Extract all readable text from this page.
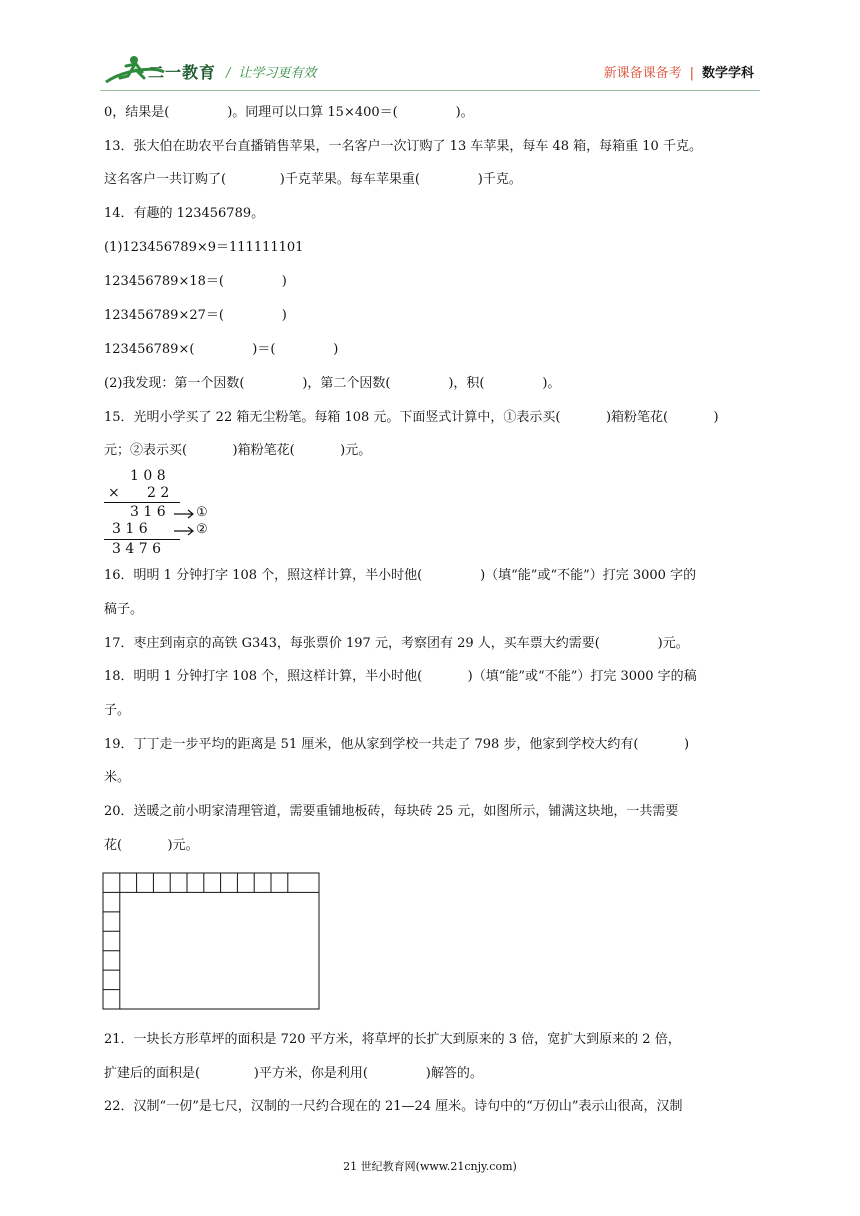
二一教育 / 让学习更有效	新课备课备考 | 数学学科
0，结果是(              )。同理可以口算 15×400＝(              )。
13．张大伯在助农平台直播销售苹果，一名客户一次订购了 13 车苹果，每车 48 箱，每箱重 10 千克。
这名客户一共订购了(             )千克苹果。每车苹果重(              )千克。
14．有趣的 123456789。
(1)123456789×9＝111111101
123456789×18＝(              )
123456789×27＝(              )
123456789×(              )＝(              )
(2)我发现：第一个因数(              )，第二个因数(              )，积(              )。
15．光明小学买了 22 箱无尘粉笔。每箱 108 元。下面竖式计算中，①表示买(           )箱粉笔花(           )
元；②表示买(           )箱粉笔花(           )元。
1 0 8
× 2 2
3 1 6
3 1 6
3 4 7 6
①
②
16．明明 1 分钟打字 108 个，照这样计算，半小时他(              )（填“能”或“不能”）打完 3000 字的
稿子。
17．枣庄到南京的高铁 G343，每张票价 197 元，考察团有 29 人，买车票大约需要(              )元。
18．明明 1 分钟打字 108 个，照这样计算，半小时他(           )（填“能”或“不能”）打完 3000 字的稿
子。
19．丁丁走一步平均的距离是 51 厘米，他从家到学校一共走了 798 步，他家到学校大约有(           )
米。
20．送暖之前小明家清理管道，需要重铺地板砖，每块砖 25 元，如图所示，铺满这块地，一共需要
花(           )元。
21．一块长方形草坪的面积是 720 平方米，将草坪的长扩大到原来的 3 倍，宽扩大到原来的 2 倍，
扩建后的面积是(             )平方米，你是利用(              )解答的。
22．汉制“一仞”是七尺，汉制的一尺约合现在的 21—24 厘米。诗句中的“万仞山”表示山很高，汉制
21 世纪教育网(www.21cnjy.com)
